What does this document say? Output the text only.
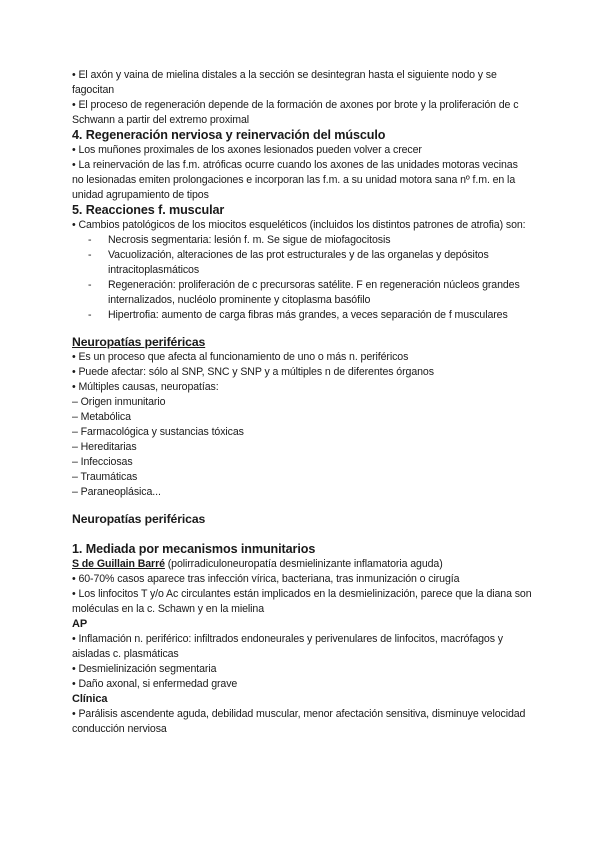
• El axón y vaina de mielina distales a la sección se desintegran hasta el siguiente nodo y se fagocitan

• El proceso de regeneración depende de la formación de axones por brote y la proliferación de c Schwann a partir del extremo proximal

4. Regeneración nerviosa y reinervación del músculo

• Los muñones proximales de los axones lesionados pueden volver a crecer

• La reinervación de las f.m. atróficas ocurre cuando los axones de las unidades motoras vecinas no lesionadas emiten prolongaciones e incorporan las f.m. a su unidad motora sana nº f.m. en la unidad agrupamiento de tipos

5. Reacciones f. muscular

• Cambios patológicos de los miocitos esqueléticos (incluidos los distintos patrones de atrofia) son:

- Necrosis segmentaria: lesión f. m. Se sigue de miofagocitosis
- Vacuolización, alteraciones de las prot estructurales y de las organelas y depósitos intracitoplasmáticos
- Regeneración: proliferación de c precursoras satélite. F en regeneración núcleos grandes internalizados, nucléolo prominente y citoplasma basófilo
- Hipertrofia: aumento de carga fibras más grandes, a veces separación de f musculares

Neuropatías periféricas

• Es un proceso que afecta al funcionamiento de uno o más n. periféricos

• Puede afectar: sólo al SNP, SNC y SNP y a múltiples n de diferentes órganos

• Múltiples causas, neuropatías:

– Origen inmunitario

– Metabólica

– Farmacológica y sustancias tóxicas

– Hereditarias

– Infecciosas

– Traumáticas

– Paraneoplásica...

Neuropatías periféricas

1. Mediada por mecanismos inmunitarios

S de Guillain Barré (polirradiculoneuropatía desmielinizante inflamatoria aguda)

• 60-70% casos aparece tras infección vírica, bacteriana, tras inmunización o cirugía

• Los linfocitos T y/o Ac circulantes están implicados en la desmielinización, parece que la diana son moléculas en la c. Schawn y en la mielina

AP

• Inflamación n. periférico: infiltrados endoneurales y perivenulares de linfocitos, macrófagos y aisladas c. plasmáticas

• Desmielinización segmentaria

• Daño axonal, si enfermedad grave

Clínica

• Parálisis ascendente aguda, debilidad muscular, menor afectación sensitiva, disminuye velocidad conducción nerviosa
